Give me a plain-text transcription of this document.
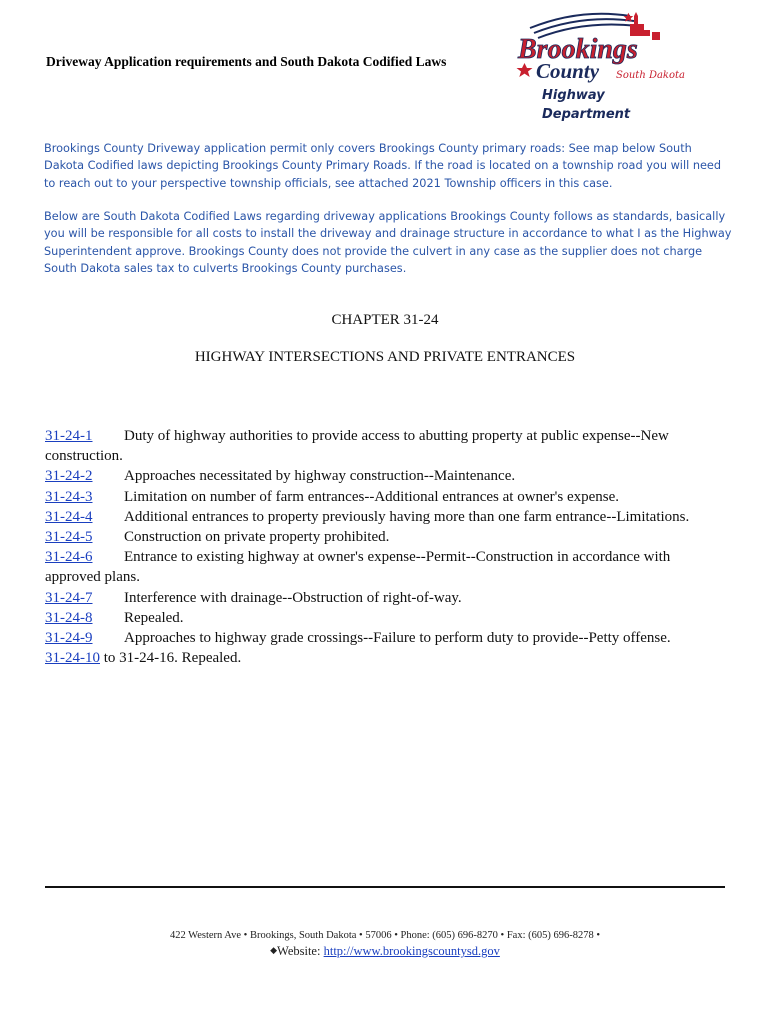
Driveway Application requirements and South Dakota Codified Laws	Brookings
County South Dakota
Highway
Department
Brookings County Driveway application permit only covers Brookings County primary roads: See map below South Dakota Codified laws depicting Brookings County Primary Roads. If the road is located on a township road you will need to reach out to your perspective township officials, see attached 2021 Township officers in this case.
Below are South Dakota Codified Laws regarding driveway applications Brookings County follows as standards, basically you will be responsible for all costs to install the driveway and drainage structure in accordance to what I as the Highway Superintendent approve. Brookings County does not provide the culvert in any case as the supplier does not charge South Dakota sales tax to culverts Brookings County purchases.
CHAPTER 31-24
HIGHWAY INTERSECTIONS AND PRIVATE ENTRANCES

31-24-1 Duty of highway authorities to provide access to abutting property at public expense--New construction.

31-24-2 Approaches necessitated by highway construction--Maintenance.

31-24-3 Limitation on number of farm entrances--Additional entrances at owner's expense.

31-24-4 Additional entrances to property previously having more than one farm entrance--Limitations.

31-24-5 Construction on private property prohibited.

31-24-6 Entrance to existing highway at owner's expense--Permit--Construction in accordance with approved plans.

31-24-7 Interference with drainage--Obstruction of right-of-way.

31-24-8 Repealed.

31-24-9 Approaches to highway grade crossings--Failure to perform duty to provide--Petty offense.

31-24-10 to 31-24-16. Repealed.

422 Western Ave • Brookings, South Dakota • 57006 • Phone: (605) 696-8270 • Fax: (605) 696-8278 •
◆Website: http://www.brookingscountysd.gov
